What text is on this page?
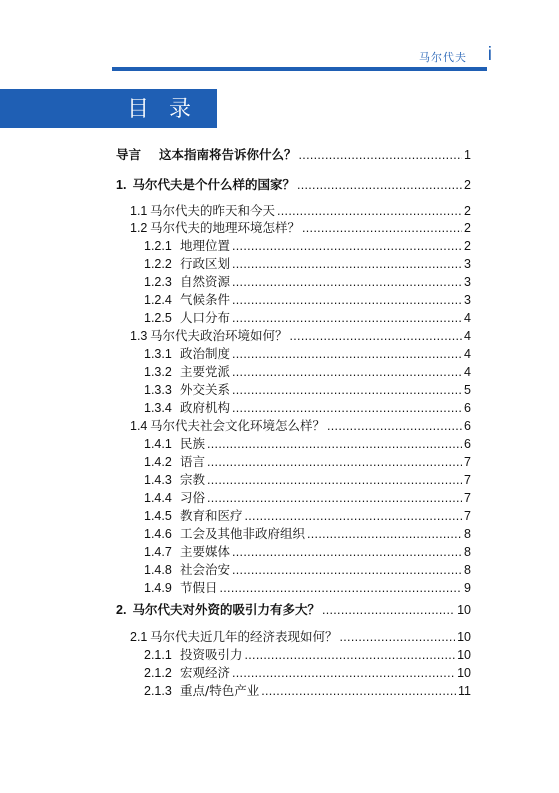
马尔代夫 i
目录
导言 这本指南将告诉你什么？ .....	1
1. 马尔代夫是个什么样的国家？ .....	2
1.1 马尔代夫的昨天和今天 .....	2
1.2 马尔代夫的地理环境怎样？ .....	2
1.2.1 地理位置 .....	2
1.2.2 行政区划 .....	3
1.2.3 自然资源 .....	3
1.2.4 气候条件 .....	3
1.2.5 人口分布 .....	4
1.3 马尔代夫政治环境如何？ .....	4
1.3.1 政治制度 .....	4
1.3.2 主要党派 .....	4
1.3.3 外交关系 .....	5
1.3.4 政府机构 .....	6
1.4 马尔代夫社会文化环境怎么样？ .....	6
1.4.1 民族 .....	6
1.4.2 语言 .....	7
1.4.3 宗教 .....	7
1.4.4 习俗 .....	7
1.4.5 教育和医疗 .....	7
1.4.6 工会及其他非政府组织 .....	8
1.4.7 主要媒体 .....	8
1.4.8 社会治安 .....	8
1.4.9 节假日 .....	9
2. 马尔代夫对外资的吸引力有多大？ .....	10
2.1 马尔代夫近几年的经济表现如何？ .....	10
2.1.1 投资吸引力 .....	10
2.1.2 宏观经济 .....	10
2.1.3 重点/特色产业 .....	11
